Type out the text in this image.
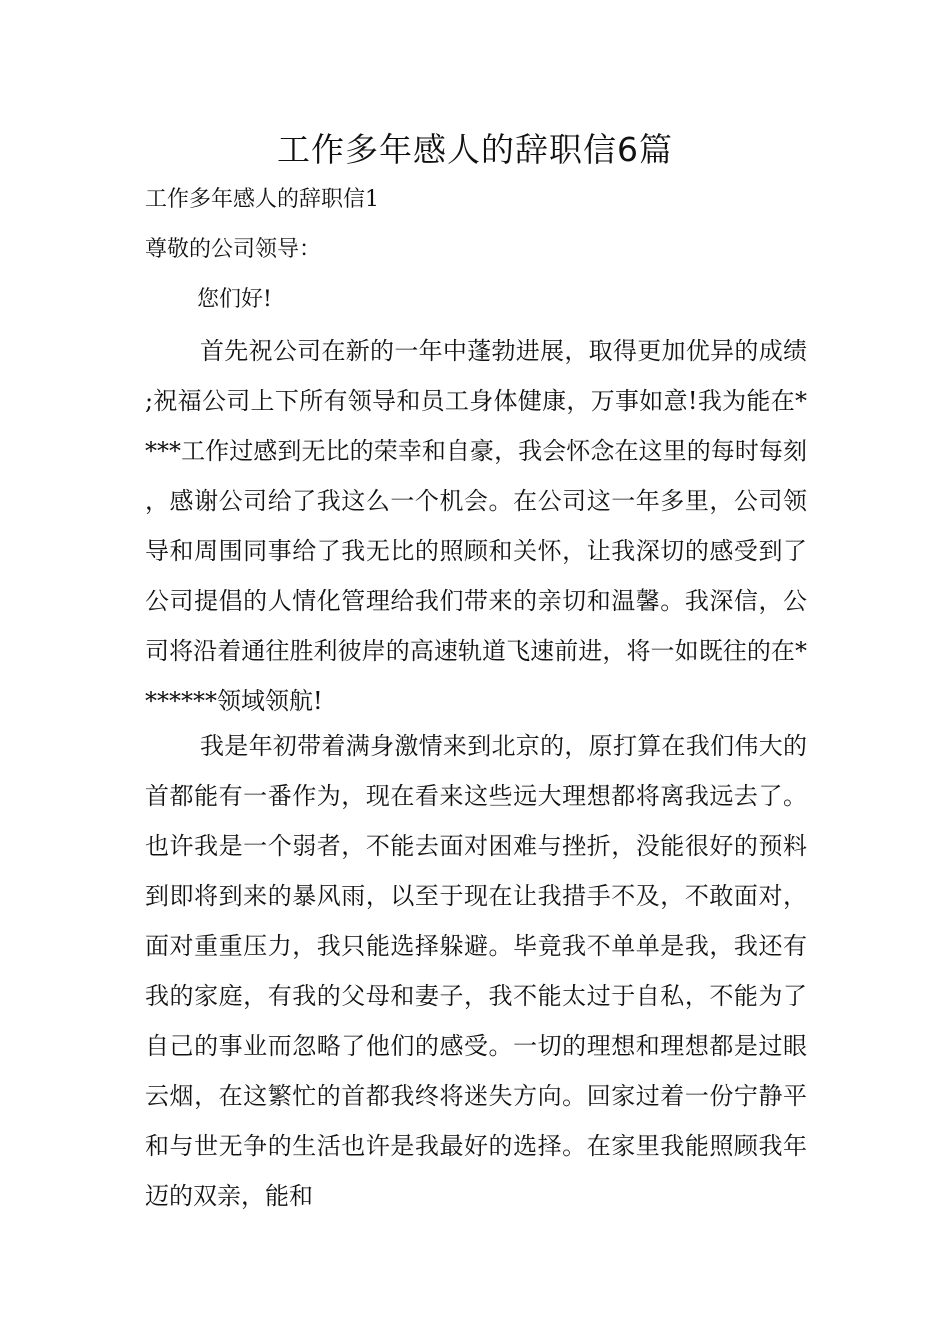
工作多年感人的辞职信6篇

工作多年感人的辞职信1

尊敬的公司领导：

您们好!

首先祝公司在新的一年中蓬勃进展，取得更加优异的成绩;祝福公司上下所有领导和员工身体健康，万事如意!我为能在****工作过感到无比的荣幸和自豪，我会怀念在这里的每时每刻，感谢公司给了我这么一个机会。在公司这一年多里，公司领导和周围同事给了我无比的照顾和关怀，让我深切的感受到了公司提倡的人情化管理给我们带来的亲切和温馨。我深信，公司将沿着通往胜利彼岸的高速轨道飞速前进，将一如既往的在*******领域领航!

我是年初带着满身激情来到北京的，原打算在我们伟大的首都能有一番作为，现在看来这些远大理想都将离我远去了。也许我是一个弱者，不能去面对困难与挫折，没能很好的预料到即将到来的暴风雨，以至于现在让我措手不及，不敢面对，面对重重压力，我只能选择躲避。毕竟我不单单是我，我还有我的家庭，有我的父母和妻子，我不能太过于自私，不能为了自己的事业而忽略了他们的感受。一切的理想和理想都是过眼云烟，在这繁忙的首都我终将迷失方向。回家过着一份宁静平和与世无争的生活也许是我最好的选择。在家里我能照顾我年迈的双亲，能和
